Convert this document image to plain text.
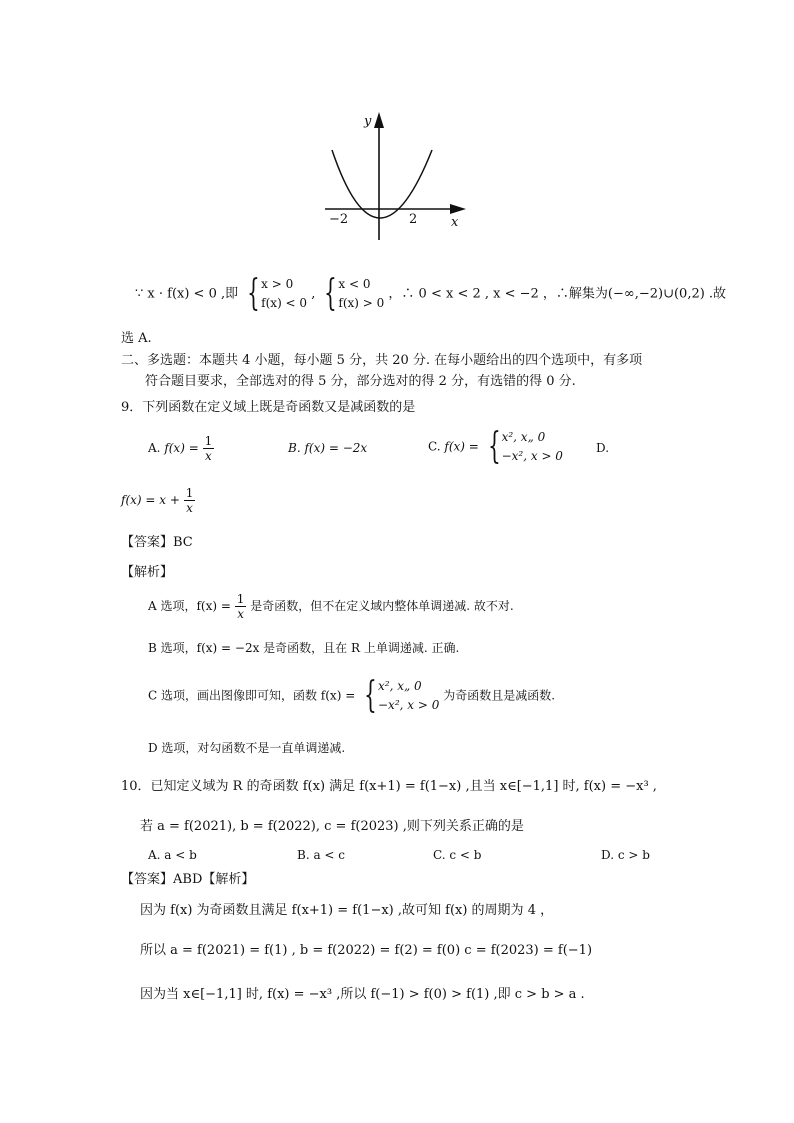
y
x
−2	2
∵ x · f(x) < 0 ,即 {x > 0
f(x) < 0 , {x < 0
f(x) > 0 ，∴ 0 < x < 2 , x < −2 ，∴解集为(−∞,−2)∪(0,2) .故
选 A.
二、多选题：本题共 4 小题，每小题 5 分，共 20 分. 在每小题给出的四个选项中，有多项
符合题目要求，全部选对的得 5 分，部分选对的得 2 分，有选错的得 0 分.
9．下列函数在定义域上既是奇函数又是减函数的是
A. $f(x) = \frac{1}{x}$	B. f(x) = −2x	C. f(x) = {x², x„ 0
−x², x > 0
D.
$f(x) = x + \frac{1}{x}$
【答案】BC
【解析】
A 选项，$f(x) = \frac{1}{x}$ 是奇函数，但不在定义域内整体单调递减. 故不对.
B 选项，f(x) = −2x 是奇函数，且在 R 上单调递减. 正确.
C 选项，画出图像即可知，函数 f(x) = {x², x„ 0
−x², x > 0 为奇函数且是减函数.
D 选项，对勾函数不是一直单调递减.
10．已知定义域为 R 的奇函数 f(x) 满足 f(x+1) = f(1−x) ,且当 x∈[−1,1] 时, f(x) = −x³ ,
若 a = f(2021), b = f(2022), c = f(2023) ,则下列关系正确的是
A. a < b	B. a < c	C. c < b	D. c > b
【答案】ABD【解析】
因为 f(x) 为奇函数且满足 f(x+1) = f(1−x) ,故可知 f(x) 的周期为 4 ，
所以 a = f(2021) = f(1) , b = f(2022) = f(2) = f(0) c = f(2023) = f(−1)
因为当 x∈[−1,1] 时, f(x) = −x³ ,所以 f(−1) > f(0) > f(1) ,即 c > b > a .
